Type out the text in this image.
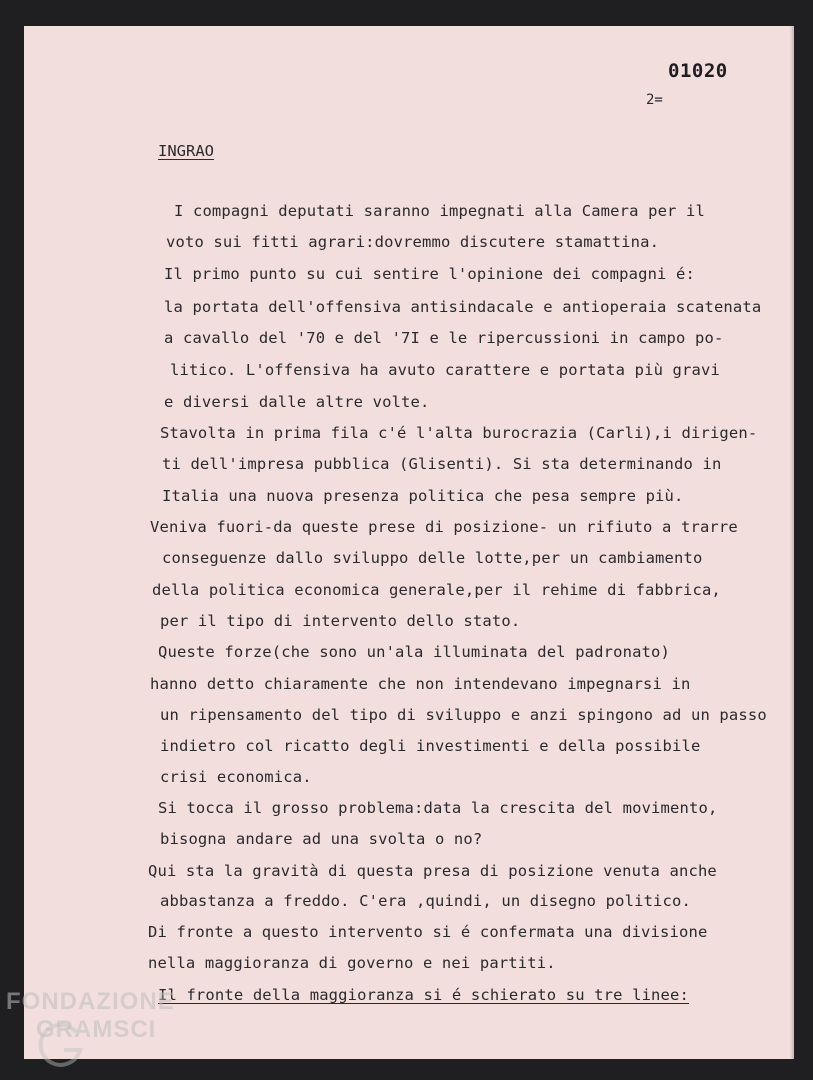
01020
2=
INGRAO
I compagni deputati saranno impegnati alla Camera per il
voto sui fitti agrari:dovremmo discutere stamattina.
Il primo punto su cui sentire l'opinione dei compagni é:
la portata dell'offensiva antisindacale e antioperaia scatenata
a cavallo del '70 e del '7I e le ripercussioni in campo po-
litico. L'offensiva ha avuto carattere e portata più gravi
e diversi dalle altre volte.
Stavolta in prima fila c'é l'alta burocrazia (Carli),i dirigen-
ti dell'impresa pubblica (Glisenti). Si sta determinando in
Italia una nuova presenza politica che pesa sempre più.
Veniva fuori-da queste prese di posizione- un rifiuto a trarre
conseguenze dallo sviluppo delle lotte,per un cambiamento
della politica economica generale,per il rehime di fabbrica,
per il tipo di intervento dello stato.
Queste forze(che sono un'ala illuminata del padronato)
hanno detto chiaramente che non intendevano impegnarsi in
un ripensamento del tipo di sviluppo e anzi spingono ad un passo
indietro col ricatto degli investimenti e della possibile
crisi economica.
Si tocca il grosso problema:data la crescita del movimento,
bisogna andare ad una svolta o no?
Qui sta la gravità di questa presa di posizione venuta anche
abbastanza a freddo. C'era ,quindi, un disegno politico.
Di fronte a questo intervento si é confermata una divisione
nella maggioranza di governo e nei partiti.
Il fronte della maggioranza si é schierato su tre linee:
FONDAZIONE
GRAMSCI
